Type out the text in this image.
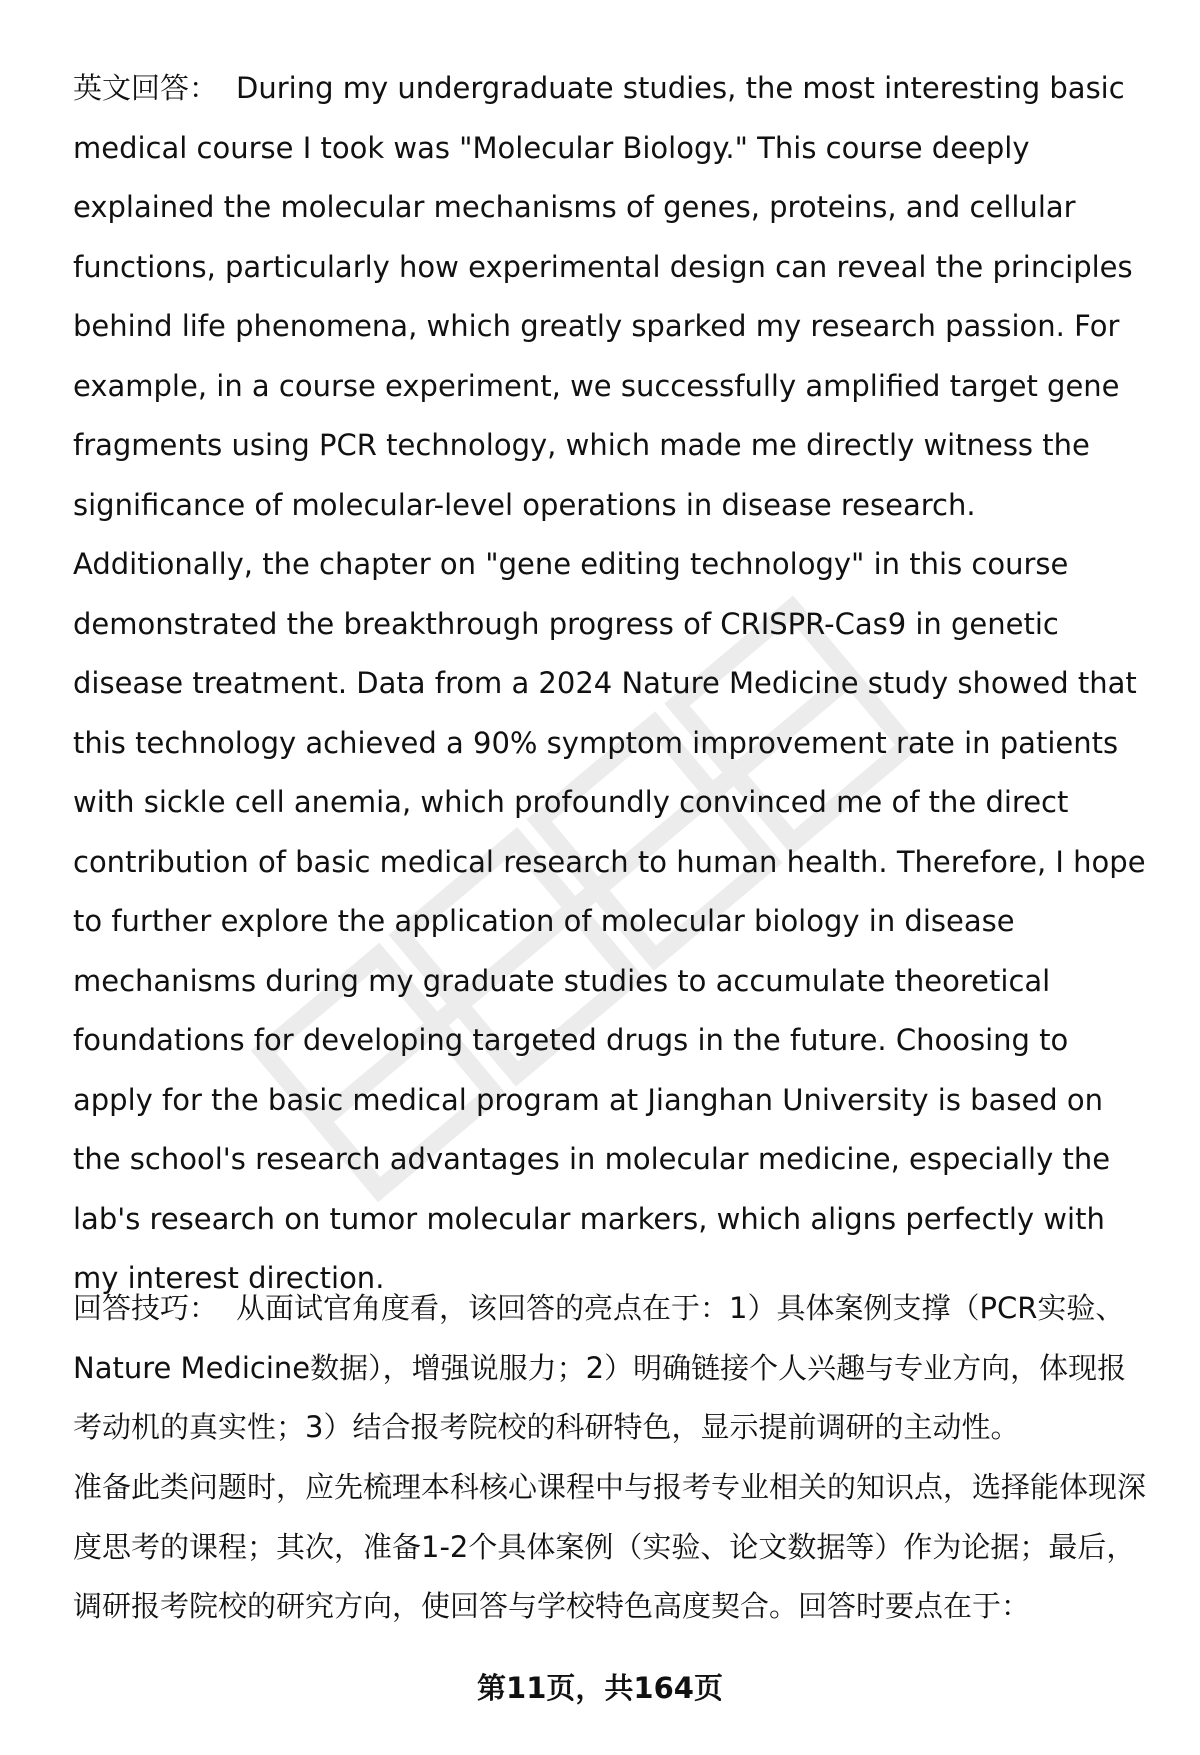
英文回答： During my undergraduate studies, the most interesting basic medical course I took was "Molecular Biology." This course deeply explained the molecular mechanisms of genes, proteins, and cellular functions, particularly how experimental design can reveal the principles behind life phenomena, which greatly sparked my research passion. For example, in a course experiment, we successfully amplified target gene fragments using PCR technology, which made me directly witness the significance of molecular-level operations in disease research. Additionally, the chapter on "gene editing technology" in this course demonstrated the breakthrough progress of CRISPR-Cas9 in genetic disease treatment. Data from a 2024 Nature Medicine study showed that this technology achieved a 90% symptom improvement rate in patients with sickle cell anemia, which profoundly convinced me of the direct contribution of basic medical research to human health. Therefore, I hope to further explore the application of molecular biology in disease mechanisms during my graduate studies to accumulate theoretical foundations for developing targeted drugs in the future. Choosing to apply for the basic medical program at Jianghan University is based on the school's research advantages in molecular medicine, especially the lab's research on tumor molecular markers, which aligns perfectly with my interest direction.
回答技巧： 从面试官角度看，该回答的亮点在于：1）具体案例支撑（PCR实验、Nature Medicine数据），增强说服力；2）明确链接个人兴趣与专业方向，体现报考动机的真实性；3）结合报考院校的科研特色，显示提前调研的主动性。
准备此类问题时，应先梳理本科核心课程中与报考专业相关的知识点，选择能体现深度思考的课程；其次，准备1-2个具体案例（实验、论文数据等）作为论据；最后，调研报考院校的研究方向，使回答与学校特色高度契合。回答时要点在于：
第11页，共164页
